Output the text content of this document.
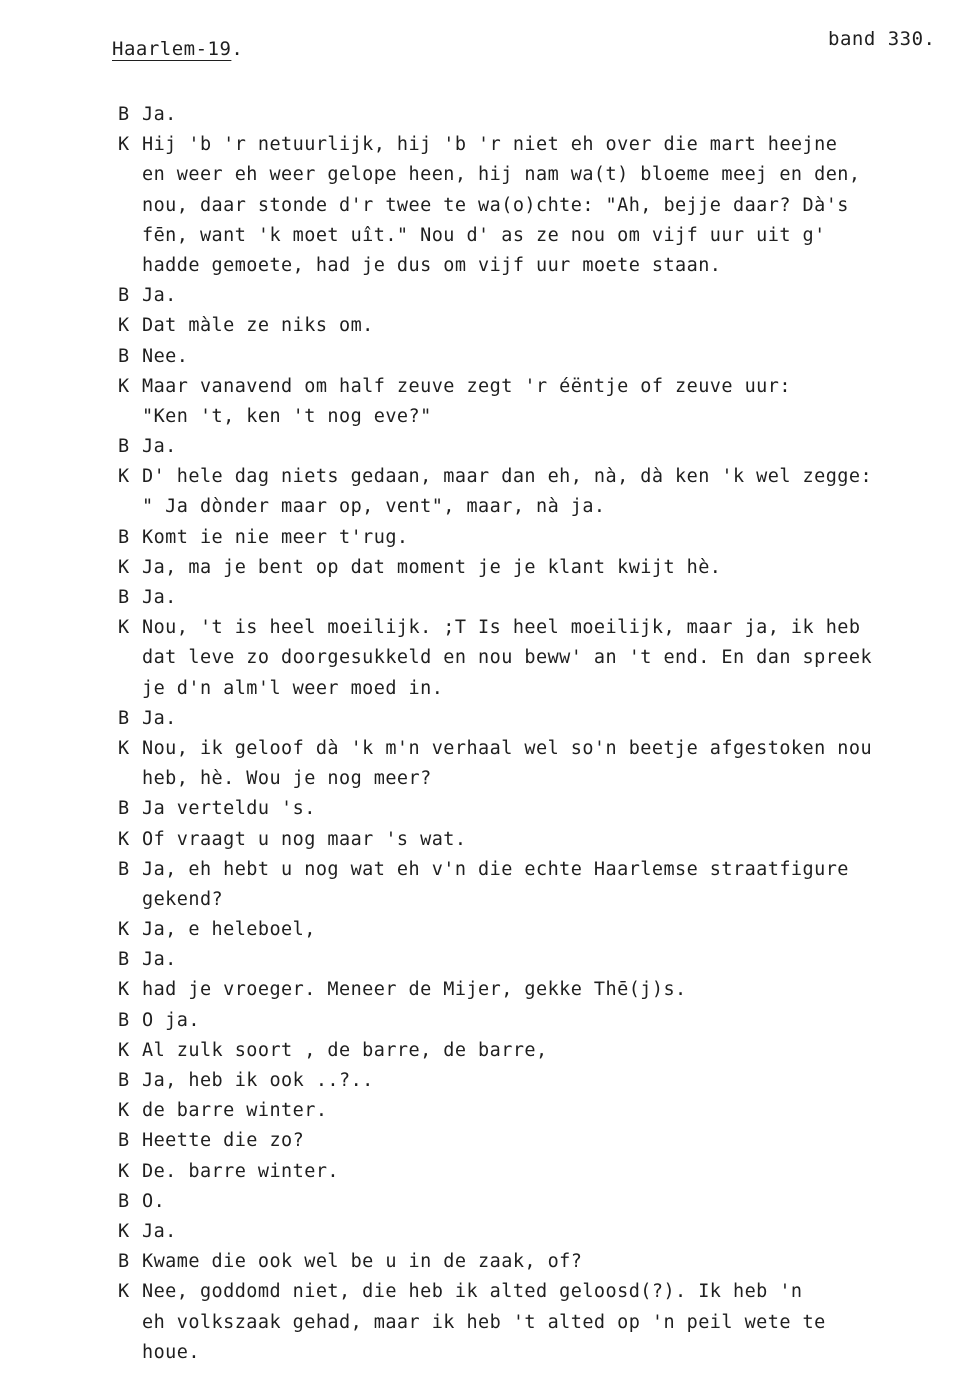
Haarlem-19.	band 330.
B Ja.
K Hij 'b 'r netuurlijk, hij 'b 'r niet eh over die mart heejne
en weer eh weer gelope heen, hij nam wa(t) bloeme meej en den,
nou, daar stonde d'r twee te wa(o)chte: "Ah, bejje daar? Dà's
fēn, want 'k moet uît." Nou d' as ze nou om vijf uur uit g'
hadde gemoete, had je dus om vijf uur moete staan.
B Ja.
K Dat màle ze niks om.
B Nee.
K Maar vanavend om half zeuve zegt 'r éëntje of zeuve uur:
"Ken 't, ken 't nog eve?"
B Ja.
K D' hele dag niets gedaan, maar dan eh, nà, dà ken 'k wel zegge:
" Ja dònder maar op, vent", maar, nà ja.
B Komt ie nie meer t'rug.
K Ja, ma je bent op dat moment je je klant kwijt hè.
B Ja.
K Nou, 't is heel moeilijk. ;T Is heel moeilijk, maar ja, ik heb
dat leve zo doorgesukkeld en nou beww' an 't end. En dan spreek
je d'n alm'l weer moed in.
B Ja.
K Nou, ik geloof dà 'k m'n verhaal wel so'n beetje afgestoken nou
heb, hè. Wou je nog meer?
B Ja verteldu 's.
K Of vraagt u nog maar 's wat.
B Ja, eh hebt u nog wat eh v'n die echte Haarlemse straatfigure
gekend?
K Ja, e heleboel,
B Ja.
K had je vroeger. Meneer de Mijer, gekke Thē(j)s.
B O ja.
K Al zulk soort , de barre, de barre,
B Ja, heb ik ook ..?..
K de barre winter.
B Heette die zo?
K De. barre winter.
B O.
K Ja.
B Kwame die ook wel be u in de zaak, of?
K Nee, goddomd niet, die heb ik alted geloosd(?). Ik heb 'n
eh volkszaak gehad, maar ik heb 't alted op 'n peil wete te
houe.
